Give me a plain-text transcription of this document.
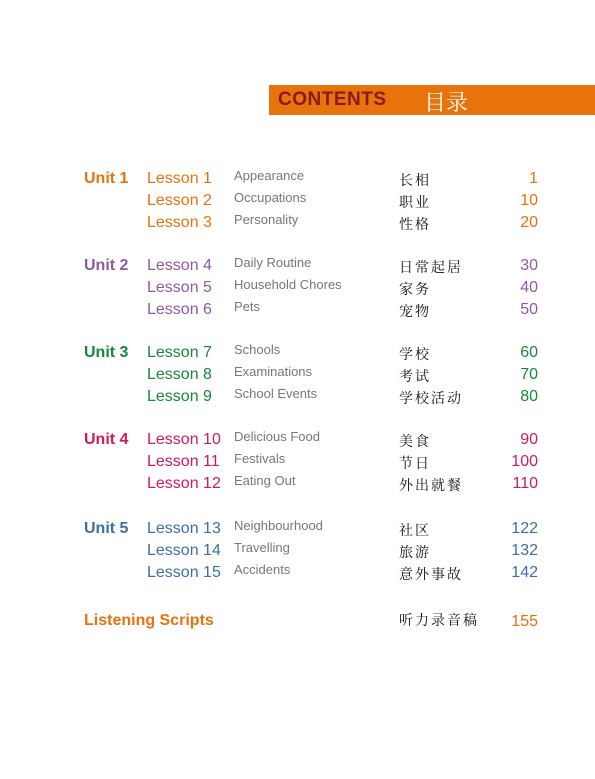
CONTENTS 目录
Unit 1 Lesson 1 Appearance	长相	1
Lesson 2 Occupations	职业	10
Lesson 3 Personality	性格	20
Unit 2 Lesson 4 Daily Routine	日常起居	30
Lesson 5 Household Chores	家务	40
Lesson 6 Pets	宠物	50
Unit 3 Lesson 7 Schools	学校	60
Lesson 8 Examinations	考试	70
Lesson 9 School Events	学校活动	80
Unit 4 Lesson 10 Delicious Food	美食	90
Lesson 11 Festivals	节日	100
Lesson 12 Eating Out	外出就餐	110
Unit 5 Lesson 13 Neighbourhood	社区	122
Lesson 14 Travelling	旅游	132
Lesson 15 Accidents	意外事故	142
Listening Scripts	听力录音稿 155
